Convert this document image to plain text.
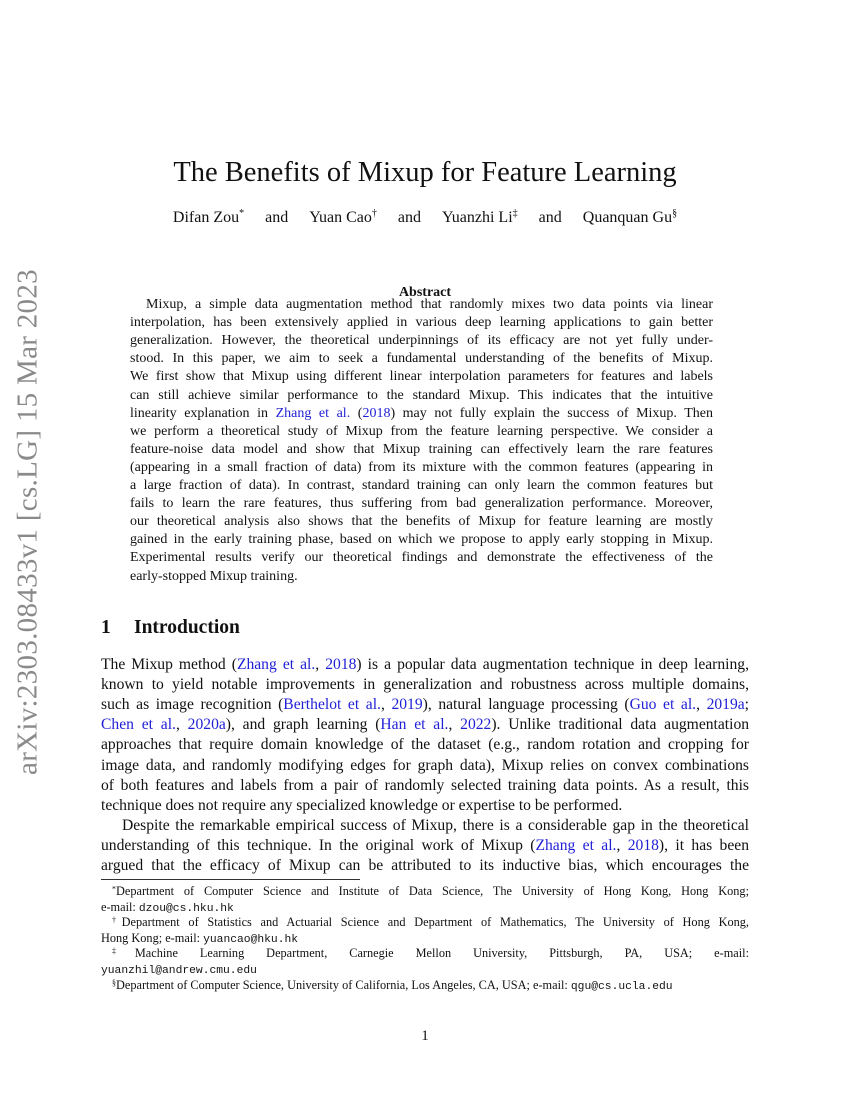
arXiv:2303.08433v1 [cs.LG] 15 Mar 2023
The Benefits of Mixup for Feature Learning
Difan Zou* and Yuan Cao† and Yuanzhi Li‡ and Quanquan Gu§
Abstract
Mixup, a simple data augmentation method that randomly mixes two data points via linear
interpolation, has been extensively applied in various deep learning applications to gain better
generalization. However, the theoretical underpinnings of its efficacy are not yet fully under-
stood. In this paper, we aim to seek a fundamental understanding of the benefits of Mixup.
We first show that Mixup using different linear interpolation parameters for features and labels
can still achieve similar performance to the standard Mixup. This indicates that the intuitive
linearity explanation in Zhang et al. (2018) may not fully explain the success of Mixup. Then
we perform a theoretical study of Mixup from the feature learning perspective. We consider a
feature-noise data model and show that Mixup training can effectively learn the rare features
(appearing in a small fraction of data) from its mixture with the common features (appearing in
a large fraction of data). In contrast, standard training can only learn the common features but
fails to learn the rare features, thus suffering from bad generalization performance. Moreover,
our theoretical analysis also shows that the benefits of Mixup for feature learning are mostly
gained in the early training phase, based on which we propose to apply early stopping in Mixup.
Experimental results verify our theoretical findings and demonstrate the effectiveness of the
early-stopped Mixup training.
1 Introduction
The Mixup method (Zhang et al., 2018) is a popular data augmentation technique in deep learning,
known to yield notable improvements in generalization and robustness across multiple domains,
such as image recognition (Berthelot et al., 2019), natural language processing (Guo et al., 2019a;
Chen et al., 2020a), and graph learning (Han et al., 2022). Unlike traditional data augmentation
approaches that require domain knowledge of the dataset (e.g., random rotation and cropping for
image data, and randomly modifying edges for graph data), Mixup relies on convex combinations
of both features and labels from a pair of randomly selected training data points. As a result, this
technique does not require any specialized knowledge or expertise to be performed.
Despite the remarkable empirical success of Mixup, there is a considerable gap in the theoretical
understanding of this technique. In the original work of Mixup (Zhang et al., 2018), it has been
argued that the efficacy of Mixup can be attributed to its inductive bias, which encourages the
*Department of Computer Science and Institute of Data Science, The University of Hong Kong, Hong Kong;
e-mail: dzou@cs.hku.hk
†Department of Statistics and Actuarial Science and Department of Mathematics, The University of Hong Kong,
Hong Kong; e-mail: yuancao@hku.hk
‡Machine Learning Department, Carnegie Mellon University, Pittsburgh, PA, USA; e-mail:
yuanzhil@andrew.cmu.edu
§Department of Computer Science, University of California, Los Angeles, CA, USA; e-mail: qgu@cs.ucla.edu
1
